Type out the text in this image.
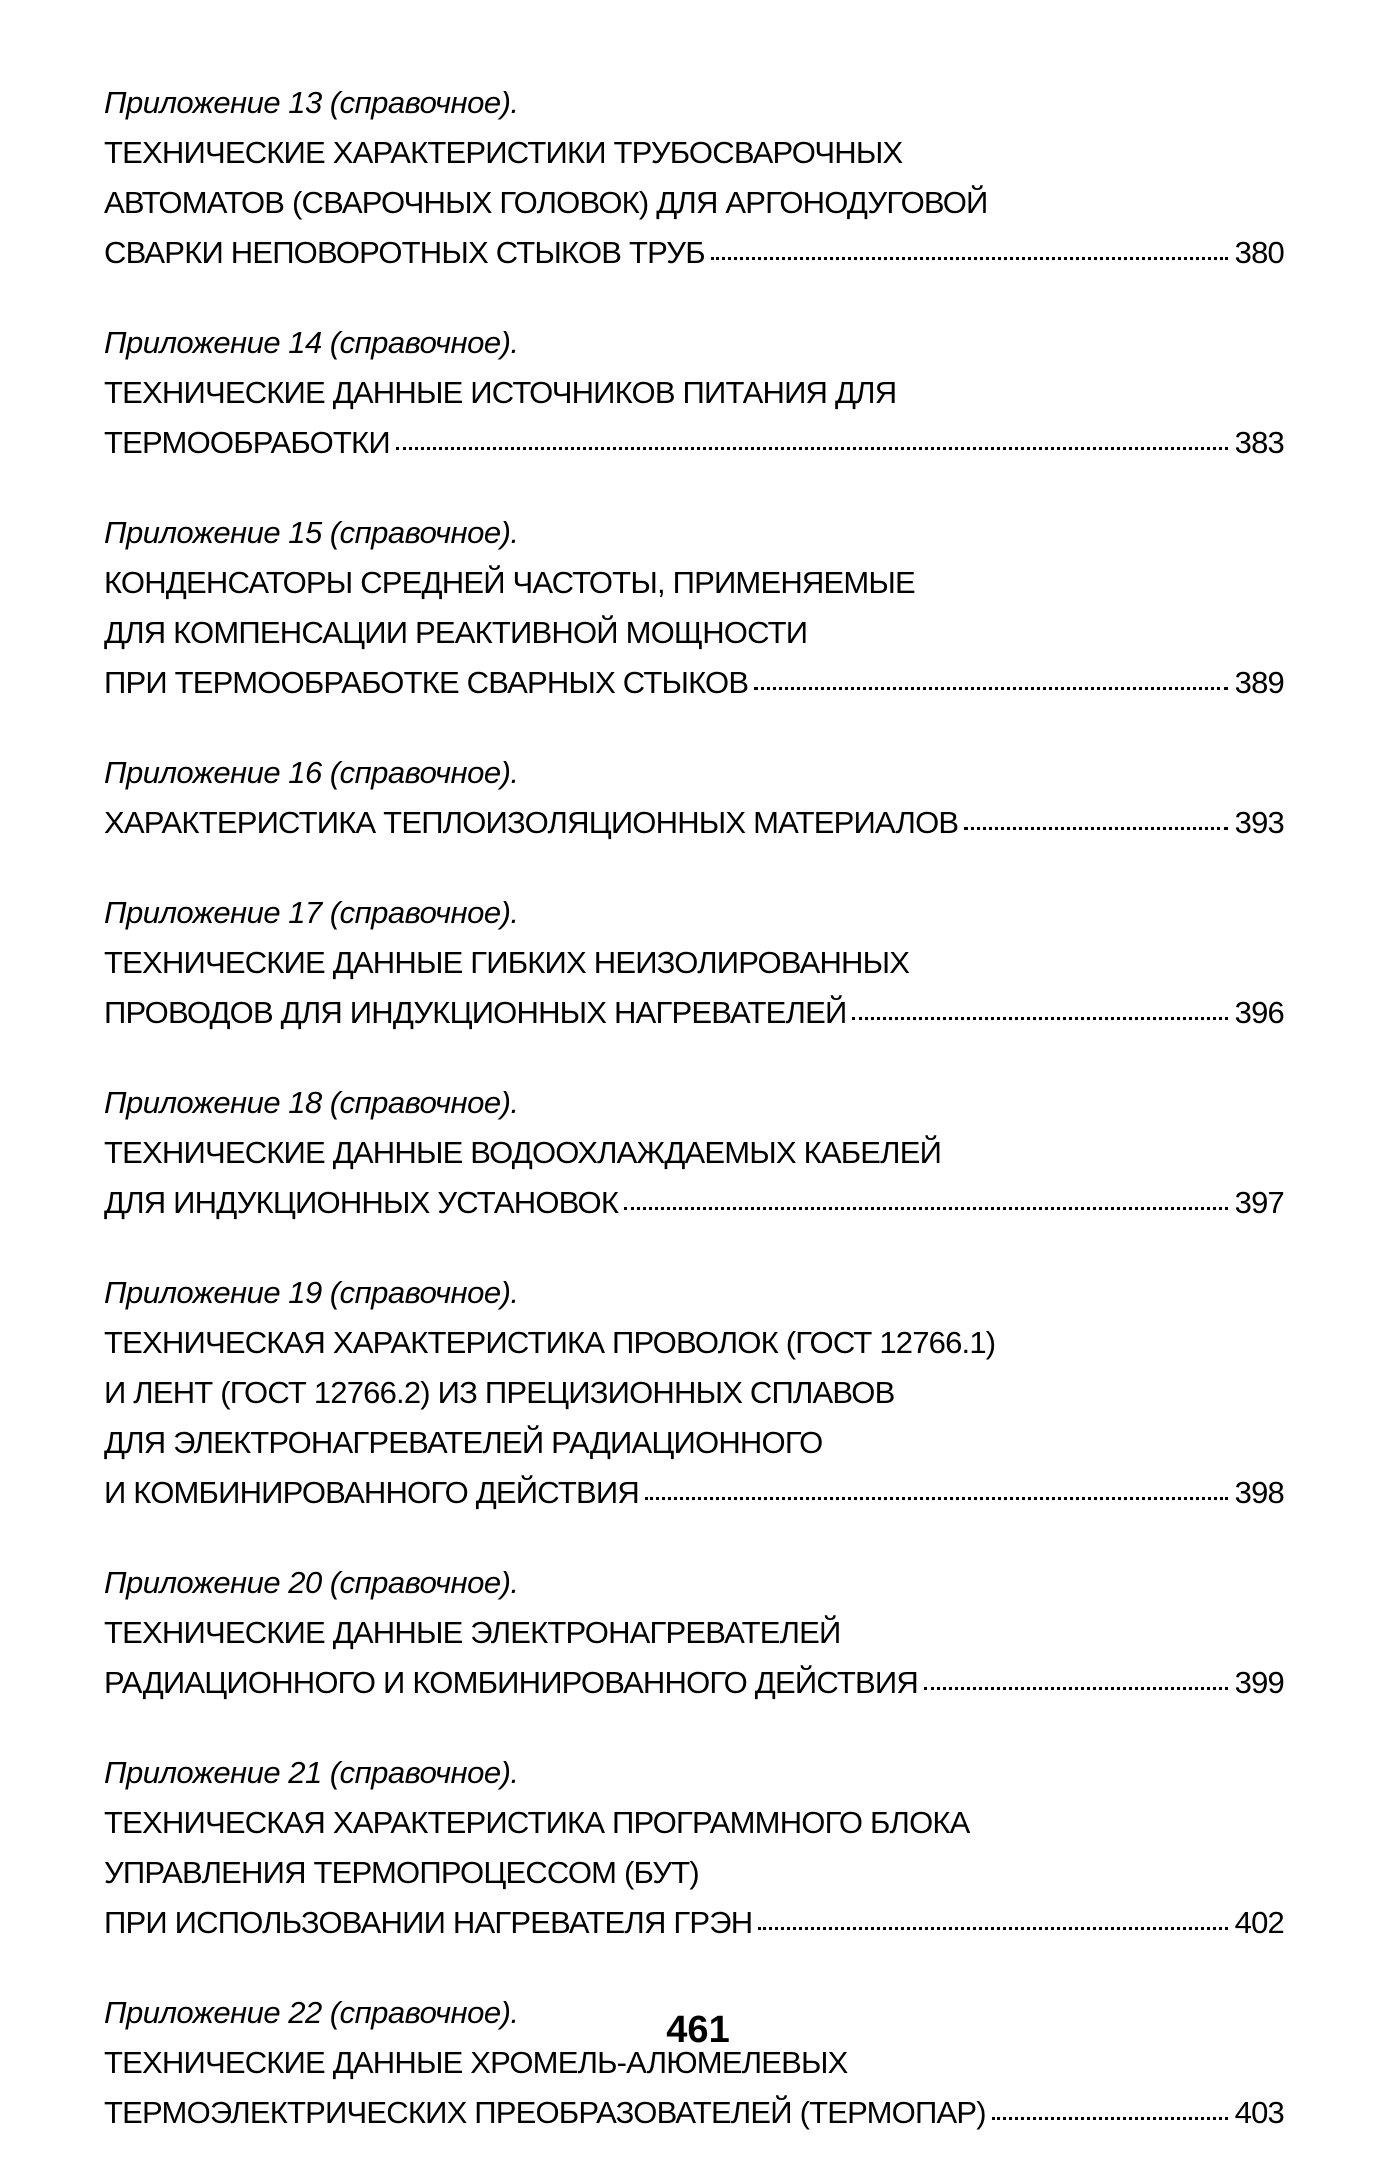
Приложение 13 (справочное).
ТЕХНИЧЕСКИЕ ХАРАКТЕРИСТИКИ ТРУБОСВАРОЧНЫХ
АВТОМАТОВ (СВАРОЧНЫХ ГОЛОВОК) ДЛЯ АРГОНОДУГОВОЙ
СВАРКИ НЕПОВОРОТНЫХ СТЫКОВ ТРУБ	380
Приложение 14 (справочное).
ТЕХНИЧЕСКИЕ ДАННЫЕ ИСТОЧНИКОВ ПИТАНИЯ ДЛЯ
ТЕРМООБРАБОТКИ	383
Приложение 15 (справочное).
КОНДЕНСАТОРЫ СРЕДНЕЙ ЧАСТОТЫ, ПРИМЕНЯЕМЫЕ
ДЛЯ КОМПЕНСАЦИИ РЕАКТИВНОЙ МОЩНОСТИ
ПРИ ТЕРМООБРАБОТКЕ СВАРНЫХ СТЫКОВ	389
Приложение 16 (справочное).
ХАРАКТЕРИСТИКА ТЕПЛОИЗОЛЯЦИОННЫХ МАТЕРИАЛОВ	393
Приложение 17 (справочное).
ТЕХНИЧЕСКИЕ ДАННЫЕ ГИБКИХ НЕИЗОЛИРОВАННЫХ
ПРОВОДОВ ДЛЯ ИНДУКЦИОННЫХ НАГРЕВАТЕЛЕЙ	396
Приложение 18 (справочное).
ТЕХНИЧЕСКИЕ ДАННЫЕ ВОДООХЛАЖДАЕМЫХ КАБЕЛЕЙ
ДЛЯ ИНДУКЦИОННЫХ УСТАНОВОК	397
Приложение 19 (справочное).
ТЕХНИЧЕСКАЯ ХАРАКТЕРИСТИКА ПРОВОЛОК (ГОСТ 12766.1)
И ЛЕНТ (ГОСТ 12766.2) ИЗ ПРЕЦИЗИОННЫХ СПЛАВОВ
ДЛЯ ЭЛЕКТРОНАГРЕВАТЕЛЕЙ РАДИАЦИОННОГО
И КОМБИНИРОВАННОГО ДЕЙСТВИЯ	398
Приложение 20 (справочное).
ТЕХНИЧЕСКИЕ ДАННЫЕ ЭЛЕКТРОНАГРЕВАТЕЛЕЙ
РАДИАЦИОННОГО И КОМБИНИРОВАННОГО ДЕЙСТВИЯ	399
Приложение 21 (справочное).
ТЕХНИЧЕСКАЯ ХАРАКТЕРИСТИКА ПРОГРАММНОГО БЛОКА
УПРАВЛЕНИЯ ТЕРМОПРОЦЕССОМ (БУТ)
ПРИ ИСПОЛЬЗОВАНИИ НАГРЕВАТЕЛЯ ГРЭН	402
Приложение 22 (справочное).
ТЕХНИЧЕСКИЕ ДАННЫЕ ХРОМЕЛЬ-АЛЮМЕЛЕВЫХ
ТЕРМОЭЛЕКТРИЧЕСКИХ ПРЕОБРАЗОВАТЕЛЕЙ (ТЕРМОПАР)	403
461
